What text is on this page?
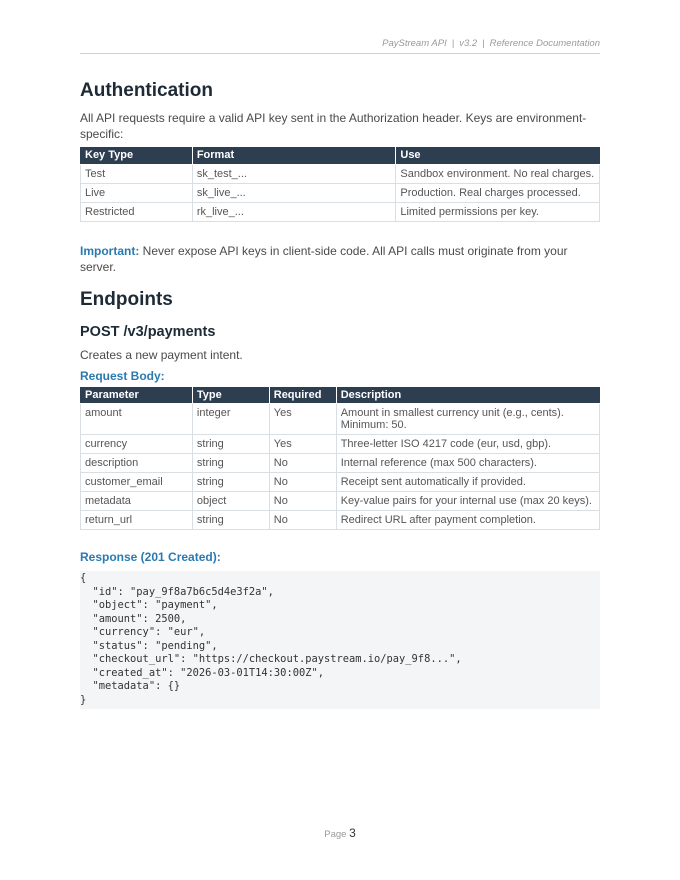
PayStream API | v3.2 | Reference Documentation
Authentication

All API requests require a valid API key sent in the Authorization header. Keys are environment-specific:

Key Type	Format	Use
Test	sk_test_...	Sandbox environment. No real charges.
Live	sk_live_...	Production. Real charges processed.
Restricted	rk_live_...	Limited permissions per key.

Important: Never expose API keys in client-side code. All API calls must originate from your server.

Endpoints
POST /v3/payments

Creates a new payment intent.

Request Body:
Parameter	Type	Required	Description
amount	integer	Yes	Amount in smallest currency unit (e.g., cents). Minimum: 50.
currency	string	Yes	Three-letter ISO 4217 code (eur, usd, gbp).
description	string	No	Internal reference (max 500 characters).
customer_email	string	No	Receipt sent automatically if provided.
metadata	object	No	Key-value pairs for your internal use (max 20 keys).
return_url	string	No	Redirect URL after payment completion.
Response (201 Created):
{
"id": "pay_9f8a7b6c5d4e3f2a",
"object": "payment",
"amount": 2500,
"currency": "eur",
"status": "pending",
"checkout_url": "https://checkout.paystream.io/pay_9f8...",
"created_at": "2026-03-01T14:30:00Z",
"metadata": {}
}
Page 3
